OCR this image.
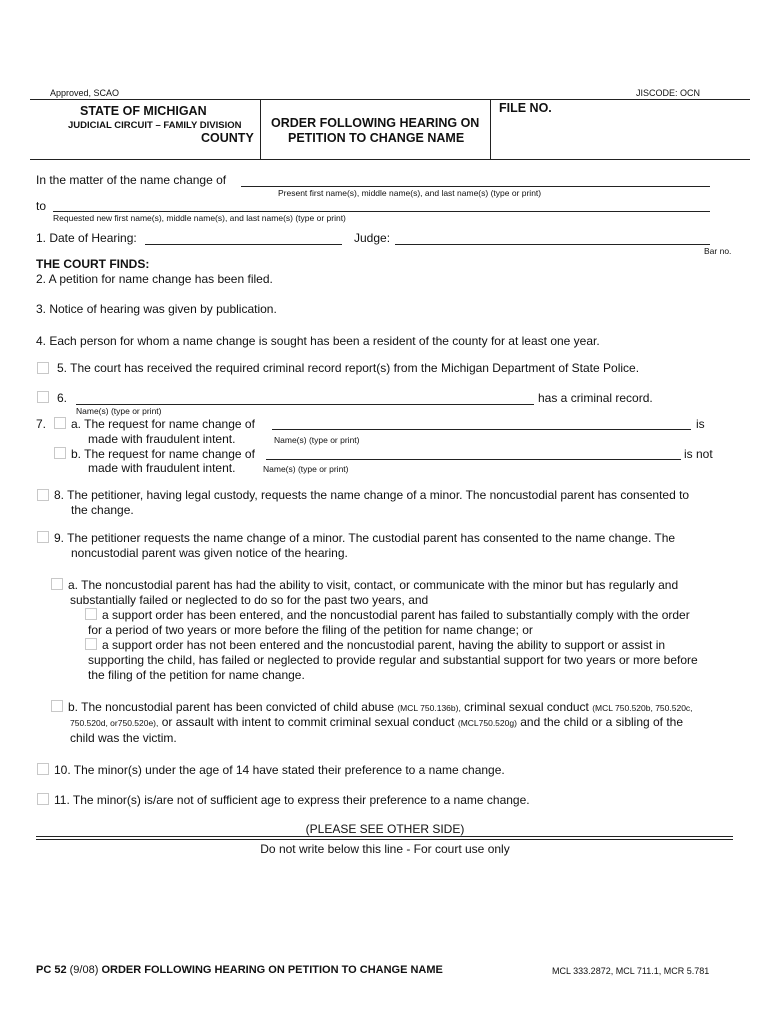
Approved, SCAO	JISCODE: OCN
STATE OF MICHIGAN
JUDICIAL CIRCUIT – FAMILY DIVISION
COUNTY
ORDER FOLLOWING HEARING ON
PETITION TO CHANGE NAME
FILE NO.
In the matter of the name change of
Present first name(s), middle name(s), and last name(s) (type or print)
to
Requested new first name(s), middle name(s), and last name(s) (type or print)
1. Date of Hearing:	Judge:
Bar no.
THE COURT FINDS:
2. A petition for name change has been filed.
3. Notice of hearing was given by publication.
4. Each person for whom a name change is sought has been a resident of the county for at least one year.
5. The court has received the required criminal record report(s) from the Michigan Department of State Police.
6.	has a criminal record.
Name(s) (type or print)
7. a. The request for name change of	is
made with fraudulent intent.	Name(s) (type or print)
b. The request for name change of	is not
made with fraudulent intent.	Name(s) (type or print)
8. The petitioner, having legal custody, requests the name change of a minor. The noncustodial parent has consented to
the change.
9. The petitioner requests the name change of a minor. The custodial parent has consented to the name change. The
noncustodial parent was given notice of the hearing.
a. The noncustodial parent has had the ability to visit, contact, or communicate with the minor but has regularly and
substantially failed or neglected to do so for the past two years, and
a support order has been entered, and the noncustodial parent has failed to substantially comply with the order
for a period of two years or more before the filing of the petition for name change; or
a support order has not been entered and the noncustodial parent, having the ability to support or assist in
supporting the child, has failed or neglected to provide regular and substantial support for two years or more before
the filing of the petition for name change.
b. The noncustodial parent has been convicted of child abuse (MCL 750.136b), criminal sexual conduct (MCL 750.520b, 750.520c,
750.520d, or750.520e), or assault with intent to commit criminal sexual conduct (MCL750.520g) and the child or a sibling of the
child was the victim.
10. The minor(s) under the age of 14 have stated their preference to a name change.
11. The minor(s) is/are not of sufficient age to express their preference to a name change.
(PLEASE SEE OTHER SIDE)
Do not write below this line - For court use only
PC 52 (9/08) ORDER FOLLOWING HEARING ON PETITION TO CHANGE NAME	MCL 333.2872, MCL 711.1, MCR 5.781
